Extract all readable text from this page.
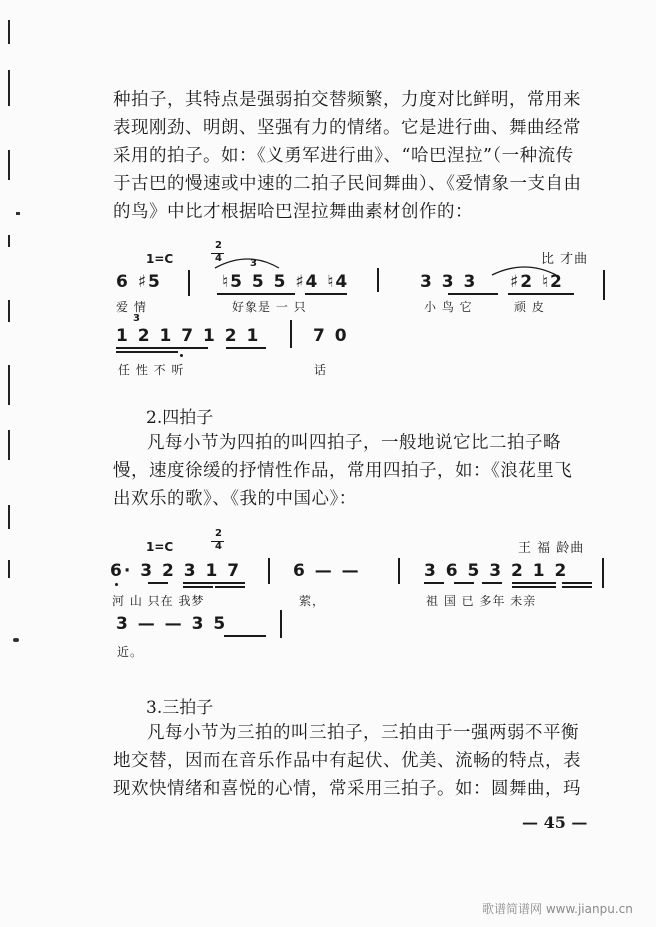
种拍子，其特点是强弱拍交替频繁，力度对比鲜明，常用来

表现刚劲、明朗、坚强有力的情绪。它是进行曲、舞曲经常

采用的拍子。如：《义勇军进行曲》、“哈巴涅拉”（一种流传

于古巴的慢速或中速的二拍子民间舞曲）、《爱情象一支自由

的鸟》中比才根据哈巴涅拉舞曲素材创作的：

1=C
2
4	比 才曲
6 ♯5	♮5 5 5 ♯4 ♮4
3
3 3 3 ♯2 ♮2
爱 情	好象是 一 只	小 鸟 它	顽 皮
3
1 2 1 7 1 2 1	7 0
任 性 不 听	话
2.四拍子

凡每小节为四拍的叫四拍子，一般地说它比二拍子略

慢，速度徐缓的抒情性作品，常用四拍子，如：《浪花里飞

出欢乐的歌》、《我的中国心》：

1=C
2
4	王 福 龄曲
6· 3 2 3 1 7	6 — —	3 6 5 3 2 1 2
河 山 只在 我梦	萦，	祖 国 已 多年 未亲
3 — — 3 5
近。
3.三拍子

凡每小节为三拍的叫三拍子，三拍由于一强两弱不平衡

地交替，因而在音乐作品中有起伏、优美、流畅的特点，表

现欢快情绪和喜悦的心情，常采用三拍子。如：圆舞曲，玛

— 45 —
歌谱简谱网 www.jianpu.cn
